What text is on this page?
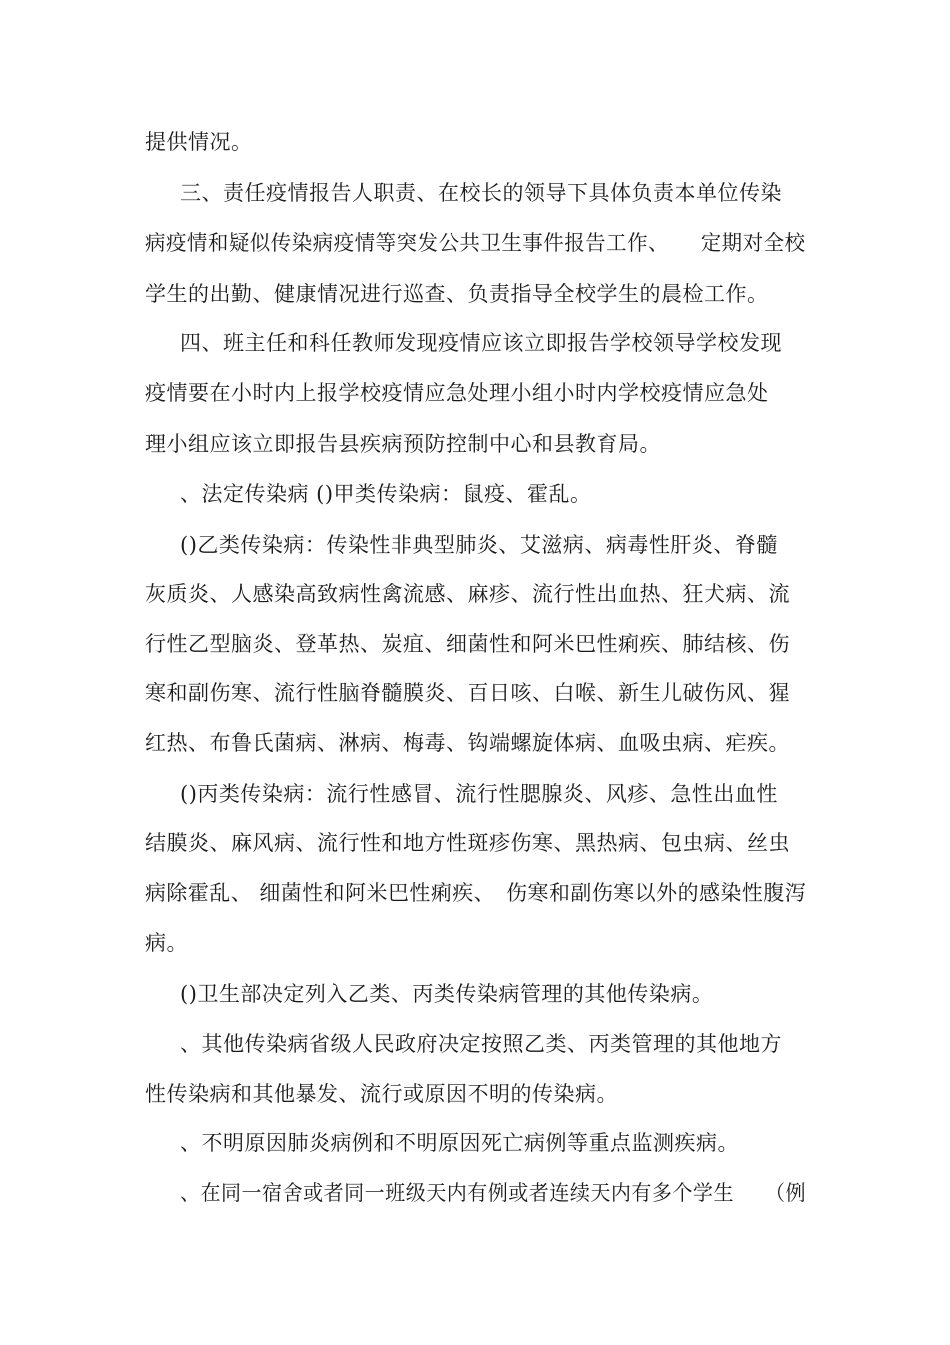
提供情况。
三、责任疫情报告人职责、在校长的领导下具体负责本单位传染
病疫情和疑似传染病疫情等突发公共卫生事件报告工作、　　定期对全校
学生的出勤、健康情况进行巡查、负责指导全校学生的晨检工作。
四、班主任和科任教师发现疫情应该立即报告学校领导学校发现
疫情要在小时内上报学校疫情应急处理小组小时内学校疫情应急处
理小组应该立即报告县疾病预防控制中心和县教育局。
、法定传染病 ()甲类传染病：鼠疫、霍乱。
()乙类传染病：传染性非典型肺炎、艾滋病、病毒性肝炎、脊髓
灰质炎、人感染高致病性禽流感、麻疹、流行性出血热、狂犬病、流
行性乙型脑炎、登革热、炭疽、细菌性和阿米巴性痢疾、肺结核、伤
寒和副伤寒、流行性脑脊髓膜炎、百日咳、白喉、新生儿破伤风、猩
红热、布鲁氏菌病、淋病、梅毒、钩端螺旋体病、血吸虫病、疟疾。
()丙类传染病：流行性感冒、流行性腮腺炎、风疹、急性出血性
结膜炎、麻风病、流行性和地方性斑疹伤寒、黑热病、包虫病、丝虫
病除霍乱、 细菌性和阿米巴性痢疾、　伤寒和副伤寒以外的感染性腹泻
病。
()卫生部决定列入乙类、丙类传染病管理的其他传染病。
、其他传染病省级人民政府决定按照乙类、丙类管理的其他地方
性传染病和其他暴发、流行或原因不明的传染病。
、不明原因肺炎病例和不明原因死亡病例等重点监测疾病。
、在同一宿舍或者同一班级天内有例或者连续天内有多个学生　　（例
